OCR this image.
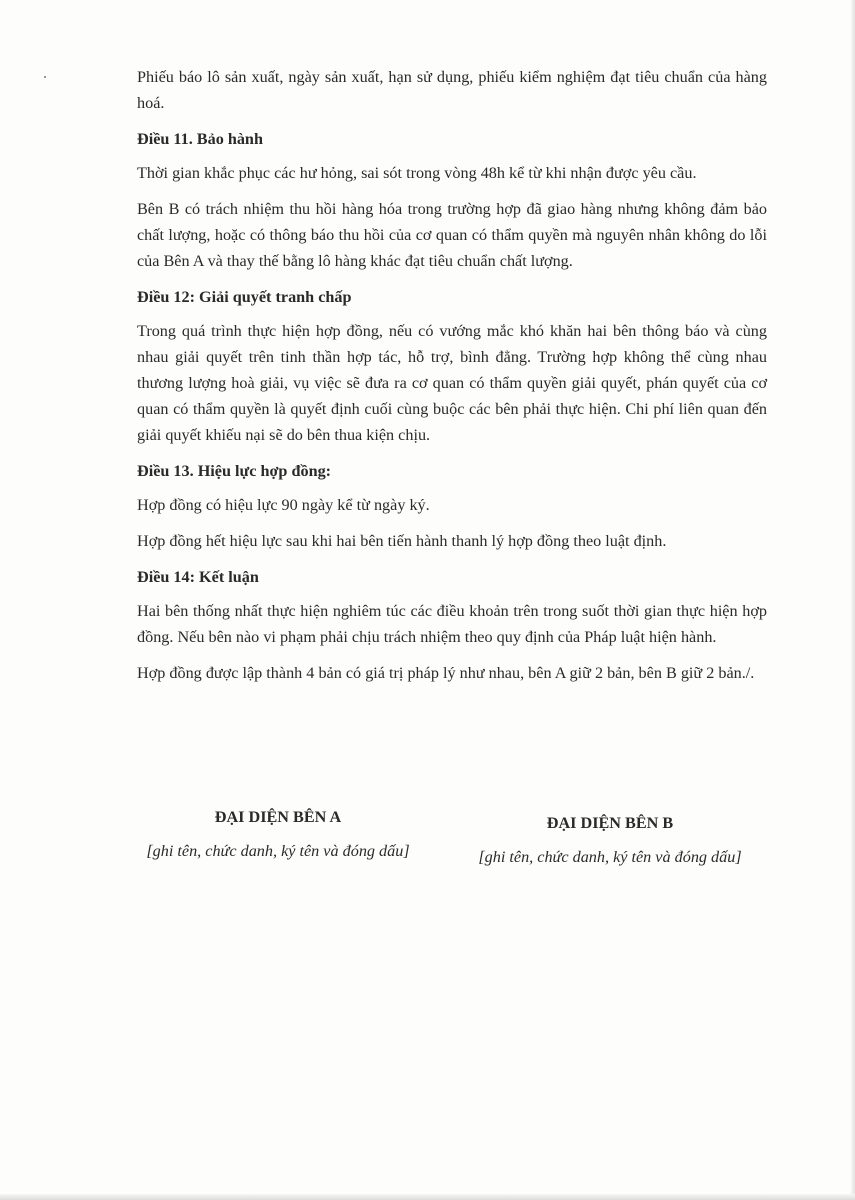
Phiếu báo lô sản xuất, ngày sản xuất, hạn sử dụng, phiếu kiểm nghiệm đạt tiêu chuẩn của hàng hoá.

Điều 11. Bảo hành

Thời gian khắc phục các hư hỏng, sai sót trong vòng 48h kể từ khi nhận được yêu cầu.

Bên B có trách nhiệm thu hồi hàng hóa trong trường hợp đã giao hàng nhưng không đảm bảo chất lượng, hoặc có thông báo thu hồi của cơ quan có thẩm quyền mà nguyên nhân không do lỗi của Bên A và thay thế bằng lô hàng khác đạt tiêu chuẩn chất lượng.

Điều 12: Giải quyết tranh chấp

Trong quá trình thực hiện hợp đồng, nếu có vướng mắc khó khăn hai bên thông báo và cùng nhau giải quyết trên tinh thần hợp tác, hỗ trợ, bình đẳng. Trường hợp không thể cùng nhau thương lượng hoà giải, vụ việc sẽ đưa ra cơ quan có thẩm quyền giải quyết, phán quyết của cơ quan có thẩm quyền là quyết định cuối cùng buộc các bên phải thực hiện. Chi phí liên quan đến giải quyết khiếu nại sẽ do bên thua kiện chịu.

Điều 13. Hiệu lực hợp đồng:

Hợp đồng có hiệu lực 90 ngày kể từ ngày ký.

Hợp đồng hết hiệu lực sau khi hai bên tiến hành thanh lý hợp đồng theo luật định.

Điều 14: Kết luận

Hai bên thống nhất thực hiện nghiêm túc các điều khoản trên trong suốt thời gian thực hiện hợp đồng. Nếu bên nào vi phạm phải chịu trách nhiệm theo quy định của Pháp luật hiện hành.

Hợp đồng được lập thành 4 bản có giá trị pháp lý như nhau, bên A giữ 2 bản, bên B giữ 2 bản./.

ĐẠI DIỆN BÊN A
[ghi tên, chức danh, ký tên và đóng dấu]
ĐẠI DIỆN BÊN B
[ghi tên, chức danh, ký tên và đóng dấu]
